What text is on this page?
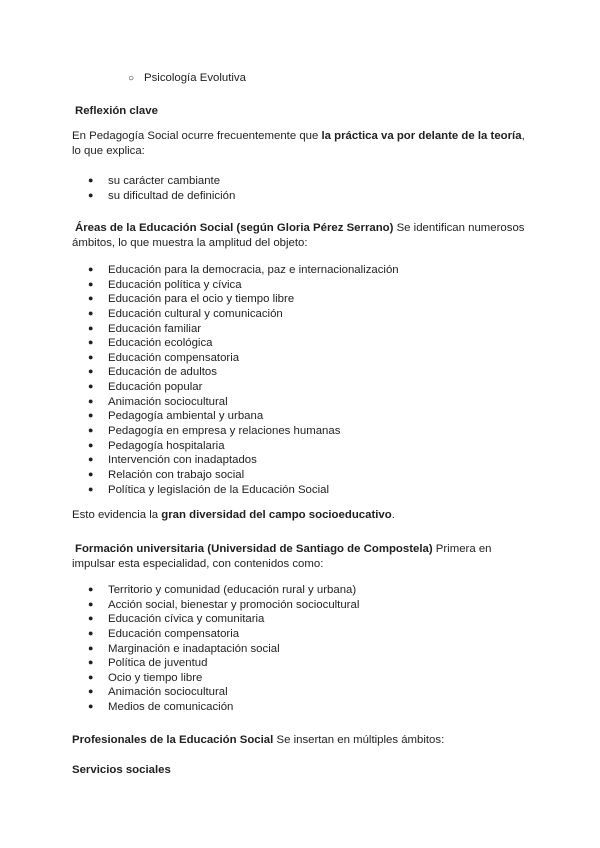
○ Psicología Evolutiva

Reflexión clave

En Pedagogía Social ocurre frecuentemente que la práctica va por delante de la teoría, lo que explica:

● su carácter cambiante
● su dificultad de definición

Áreas de la Educación Social (según Gloria Pérez Serrano) Se identifican numerosos ámbitos, lo que muestra la amplitud del objeto:

● Educación para la democracia, paz e internacionalización
● Educación política y cívica
● Educación para el ocio y tiempo libre
● Educación cultural y comunicación
● Educación familiar
● Educación ecológica
● Educación compensatoria
● Educación de adultos
● Educación popular
● Animación sociocultural
● Pedagogía ambiental y urbana
● Pedagogía en empresa y relaciones humanas
● Pedagogía hospitalaria
● Intervención con inadaptados
● Relación con trabajo social
● Política y legislación de la Educación Social

Esto evidencia la gran diversidad del campo socioeducativo.

Formación universitaria (Universidad de Santiago de Compostela) Primera en impulsar esta especialidad, con contenidos como:

● Territorio y comunidad (educación rural y urbana)
● Acción social, bienestar y promoción sociocultural
● Educación cívica y comunitaria
● Educación compensatoria
● Marginación e inadaptación social
● Política de juventud
● Ocio y tiempo libre
● Animación sociocultural
● Medios de comunicación

Profesionales de la Educación Social Se insertan en múltiples ámbitos:

Servicios sociales
